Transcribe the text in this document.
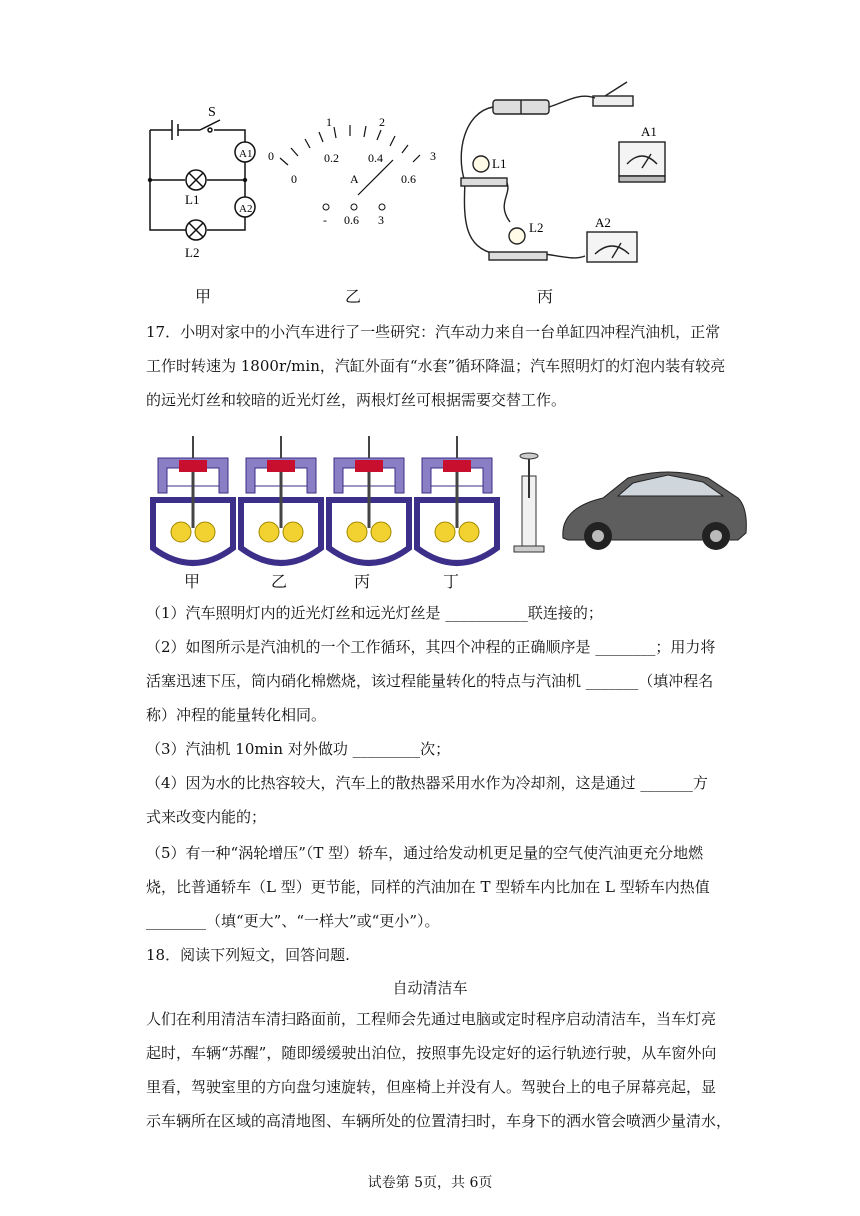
S
A1
A2
L1
L2
0
1	2
3
0
0.2 0.4
0.6
A
- 0.6 3
L1
L2
A1
A2
甲	乙	丙
17．小明对家中的小汽车进行了一些研究：汽车动力来自一台单缸四冲程汽油机，正常
工作时转速为 1800r/min，汽缸外面有“水套”循环降温；汽车照明灯的灯泡内装有较亮
的远光灯丝和较暗的近光灯丝，两根灯丝可根据需要交替工作。
甲	乙	丙	丁
（1）汽车照明灯内的近光灯丝和远光灯丝是 ___________联连接的；
（2）如图所示是汽油机的一个工作循环，其四个冲程的正确顺序是 ________；用力将
活塞迅速下压，筒内硝化棉燃烧，该过程能量转化的特点与汽油机 _______（填冲程名
称）冲程的能量转化相同。
（3）汽油机 10min 对外做功 _________次；
（4）因为水的比热容较大，汽车上的散热器采用水作为冷却剂，这是通过 _______方
式来改变内能的；
（5）有一种“涡轮增压”（T 型）轿车，通过给发动机更足量的空气使汽油更充分地燃
烧，比普通轿车（L 型）更节能，同样的汽油加在 T 型轿车内比加在 L 型轿车内热值
________（填“更大”、“一样大”或“更小”）。
18．阅读下列短文，回答问题.
自动清洁车
人们在利用清洁车清扫路面前，工程师会先通过电脑或定时程序启动清洁车，当车灯亮
起时，车辆“苏醒”，随即缓缓驶出泊位，按照事先设定好的运行轨迹行驶，从车窗外向
里看，驾驶室里的方向盘匀速旋转，但座椅上并没有人。驾驶台上的电子屏幕亮起，显
示车辆所在区域的高清地图、车辆所处的位置清扫时，车身下的洒水管会喷洒少量清水，
试卷第 5页，共 6页
